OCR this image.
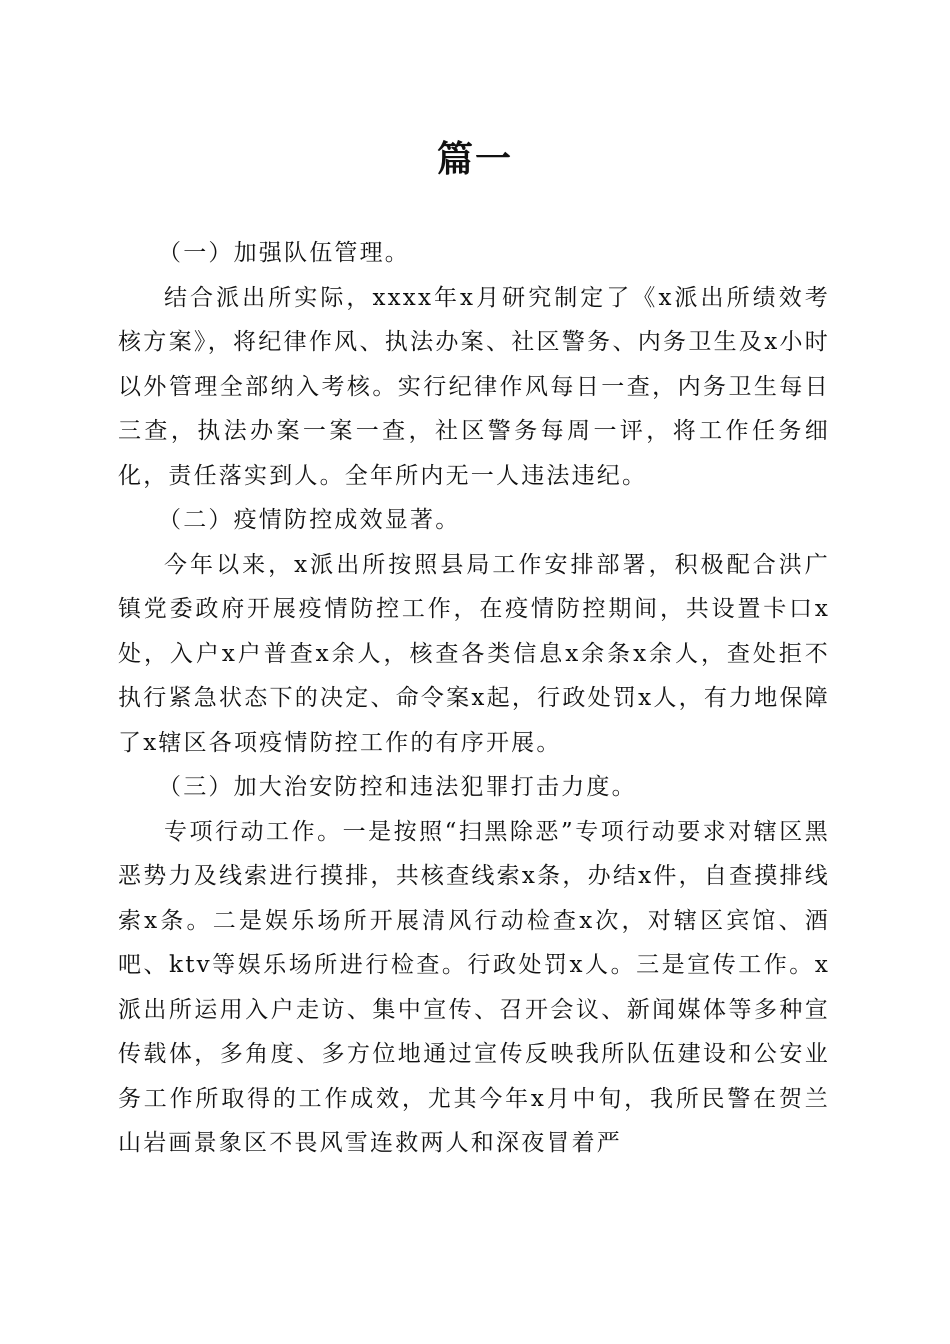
篇一

（一）加强队伍管理。

结合派出所实际，xxxx年x月研究制定了《x派出所绩效考核方案》，将纪律作风、执法办案、社区警务、内务卫生及x小时以外管理全部纳入考核。实行纪律作风每日一查，内务卫生每日三查，执法办案一案一查，社区警务每周一评，将工作任务细化，责任落实到人。全年所内无一人违法违纪。

（二）疫情防控成效显著。

今年以来，x派出所按照县局工作安排部署，积极配合洪广镇党委政府开展疫情防控工作，在疫情防控期间，共设置卡口x处，入户x户普查x余人，核查各类信息x余条x余人，查处拒不执行紧急状态下的决定、命令案x起，行政处罚x人，有力地保障了x辖区各项疫情防控工作的有序开展。

（三）加大治安防控和违法犯罪打击力度。

专项行动工作。一是按照“扫黑除恶”专项行动要求对辖区黑恶势力及线索进行摸排，共核查线索x条，办结x件，自查摸排线索x条。二是娱乐场所开展清风行动检查x次，对辖区宾馆、酒吧、ktv等娱乐场所进行检查。行政处罚x人。三是宣传工作。x派出所运用入户走访、集中宣传、召开会议、新闻媒体等多种宣传载体，多角度、多方位地通过宣传反映我所队伍建设和公安业务工作所取得的工作成效，尤其今年x月中旬，我所民警在贺兰山岩画景象区不畏风雪连救两人和深夜冒着严
